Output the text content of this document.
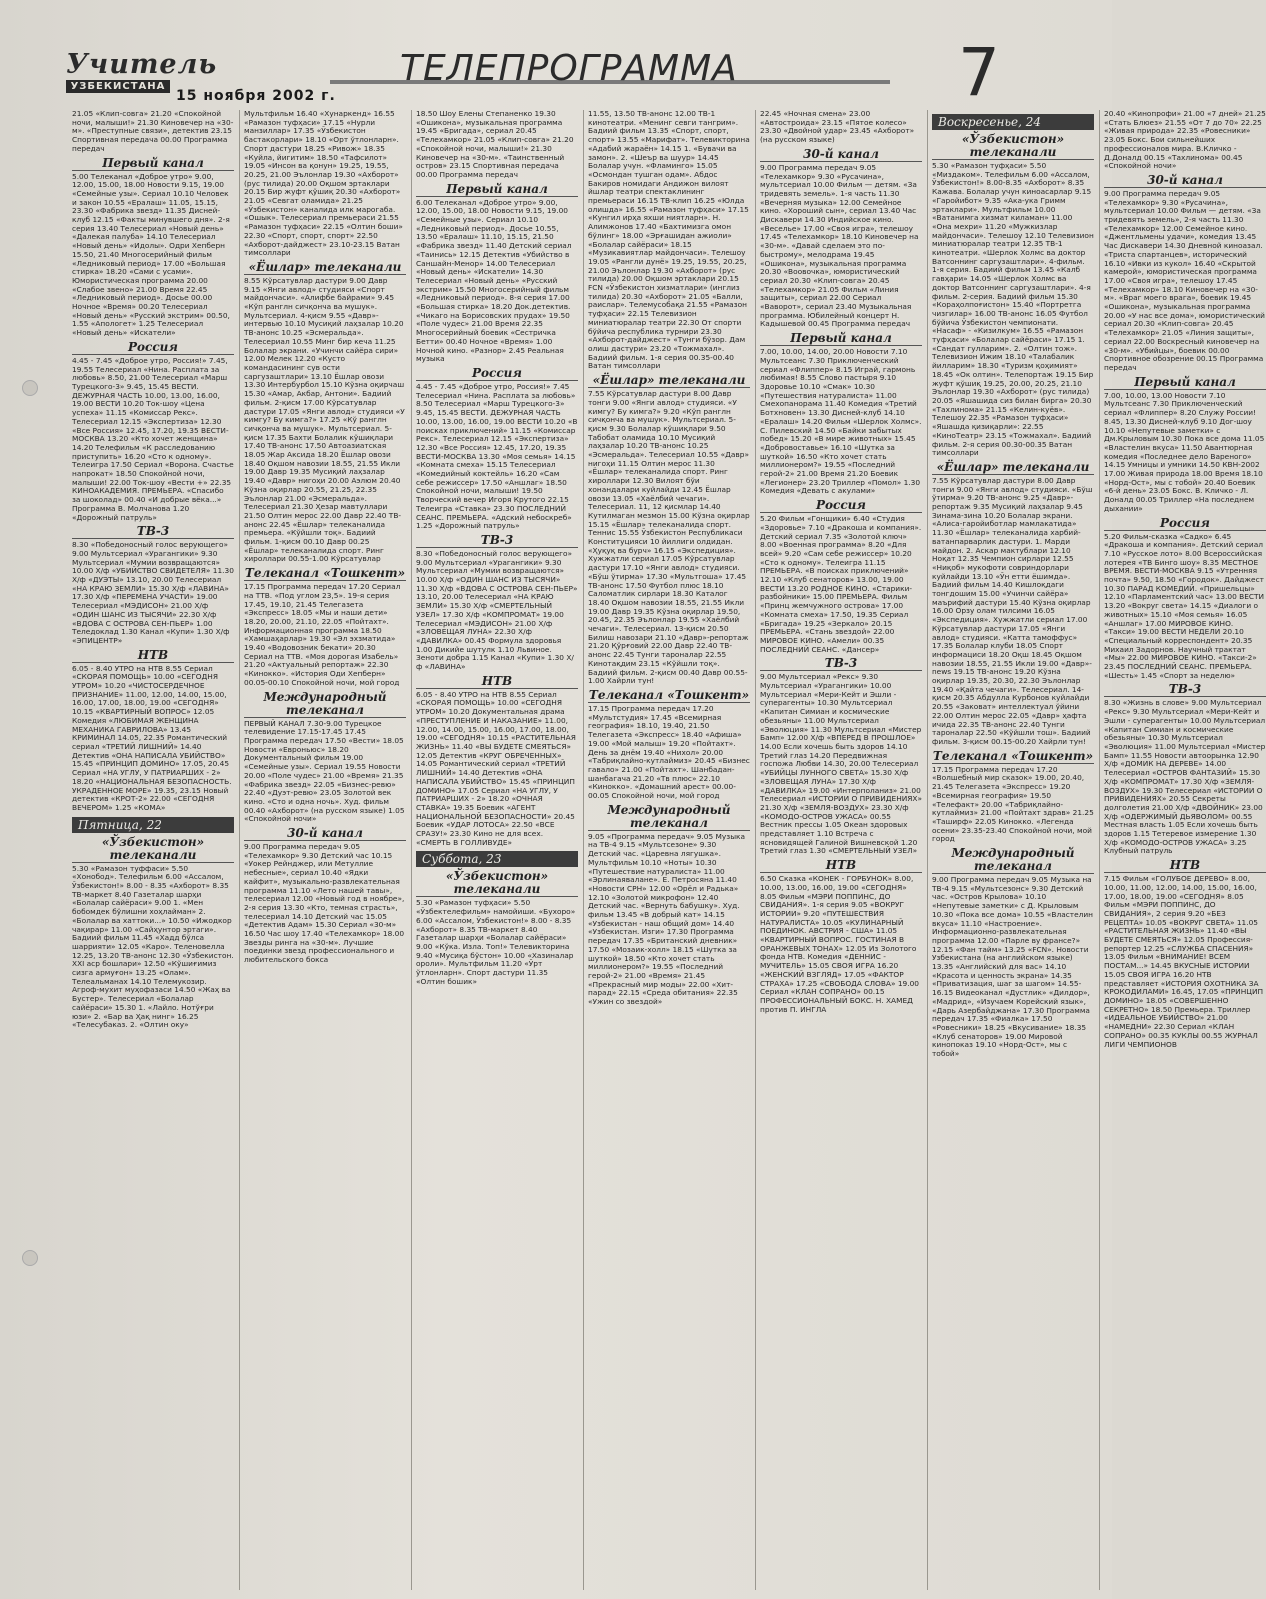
Учитель
УЗБЕКИСТАНА
15 ноября 2002 г.
ТЕЛЕПРОГРАММА	7

21.05 «Клип-совга» 21.20 «Спокойной ночи, малыши!» 21.30 Киновечер на «30-м». «Преступные связи», детектив 23.15 Спортивная передача 00.00 Программа передач

Первый канал

5.00 Телеканал «Доброе утро» 9.00, 12.00, 15.00, 18.00 Новости 9.15, 19.00 «Семейные узы». Сериал 10.10 Человек и закон 10.55 «Ералаш» 11.05, 15.15, 23.30 «Фабрика звезд» 11.35 Дисней-клуб 12.15 «Факты минувшего дня». 2-я серия 13.40 Телесериал «Новый день» «Далекая палуба» 14.10 Телесериал «Новый день» «Идолы». Одри Хепберн 15.50, 21.40 Многосерийный фильм «Ледниковый период» 17.00 «Большая стирка» 18.20 «Сами с усами». Юмористическая программа 20.00 «Слабое звено» 21.00 Время 22.45 «Ледниковый период». Досье 00.00 Ночное «Время» 00.20 Телесериал «Новый день» «Русский экстрим» 00.50, 1.55 «Апологет» 1.25 Телесериал «Новый день» «Искатели»

Россия

4.45 - 7.45 «Доброе утро, Россия!» 7.45, 19.55 Телесериал «Нина. Расплата за любовь» 8.50, 21.00 Телесериал «Марш Турецкого-3» 9.45, 15.45 ВЕСТИ. ДЕЖУРНАЯ ЧАСТЬ 10.00, 13.00, 16.00, 19.00 ВЕСТИ 10.20 Ток-шоу «Цена успеха» 11.15 «Комиссар Рекс». Телесериал 12.15 «Экспертиза» 12.30 «Все Россия» 12.45, 17.20, 19.35 ВЕСТИ-МОСКВА 13.20 «Кто хочет женщина» 14.20 Телефильм «К расследованию приступить» 16.20 «Сто к одному». Телеигра 17.50 Сериал «Ворона. Счастье напрокат» 18.50 Спокойной ночи, малыши! 22.00 Ток-шоу «Вести +» 22.35 КИНОАКАДЕМИЯ. ПРЕМЬЕРА. «Спасибо за шоколад» 00.40 «И добрые вёка...» Программа В. Молчанова 1.20 «Дорожный патруль»

ТВ-3

8.30 «Победоносный голос верующего» 9.00 Мультсериал «Урагангики» 9.30 Мультсериал «Мумии возвращаются» 10.00 Х/ф «УБИЙСТВО СВИДЕТЕЛЯ» 11.30 Х/ф «ДУЭТЫ» 13.10, 20.00 Телесериал «НА КРАЮ ЗЕМЛИ» 15.30 Х/ф «ЛАВИНА» 17.30 Х/ф «ПЕРЕМЕНА УЧАСТИ» 19.00 Телесериал «МЭДИСОН» 21.00 Х/ф «ОДИН ШАНС ИЗ ТЫСЯЧИ» 22.30 Х/ф «ВДОВА С ОСТРОВА СЕН-ПЬЕР» 1.00 Теледоклад 1.30 Канал «Купи» 1.30 Х/ф «ЭПИЦЕНТР»

НТВ

6.05 - 8.40 УТРО на НТВ 8.55 Сериал «СКОРАЯ ПОМОЩЬ» 10.00 «СЕГОДНЯ УТРОМ» 10.20 «ЧИСТОСЕРДЕЧНОЕ ПРИЗНАНИЕ» 11.00, 12.00, 14.00, 15.00, 16.00, 17.00, 18.00, 19.00 «СЕГОДНЯ» 10.15 «КВАРТИРНЫЙ ВОПРОС» 12.05 Комедия «ЛЮБИМАЯ ЖЕНЩИНА МЕХАНИКА ГАВРИЛОВА» 13.45 КРИМИНАЛ 14.05, 22.35 Романтический сериал «ТРЕТИЙ ЛИШНИЙ» 14.40 Детектив «ОНА НАПИСАЛА УБИЙСТВО» 15.45 «ПРИНЦИП ДОМИНО» 17.05, 20.45 Сериал «НА УГЛУ, У ПАТРИАРШИХ - 2» 18.20 «НАЦИОНАЛЬНАЯ БЕЗОПАСНОСТЬ. УКРАДЕННОЕ МОРЕ» 19.35, 23.15 Новый детектив «КРОТ-2» 22.00 «СЕГОДНЯ ВЕЧЕРОМ» 1.25 «КОМА»

Пятница, 22
«Ўзбекистон» телеканали

5.30 «Рамазон туффаси» 5.50 «Хонобод». Телефильм 6.00 «Ассалом, Ўзбекистон!» 8.00 - 8.35 «Ахборот» 8.35 ТВ-маркет 8.40 Газеталар шарҳи «Болалар сайёраси» 9.00 1. «Мен бобомдек бўлишни хоҳлайман» 2. «Болалар ва хаттоки...» 10.50 «Ижодкор чақирар» 11.00 «Сайҳунтор эртаги». Бадиий фильм 11.45 «Хадд бўлса шаррияти» 12.05 «Каро». Теленовелла 12.25, 13.20 ТВ-анонс 12.30 «Ўзбекистон. XXI аср бошлари» 12.50 «Кўшиғимиз сизга армуғон» 13.25 «Олам». Телеальманах 14.10 Телемукозир. Агроф-мухит муҳофазаси 14.50 «Жаҳ ва Бустер». Телесериал «Болалар сайёраси» 15.30 1. «Лайло. Нотўғри юзи» 2. «Бар ва Ҳақ нинг» 16.25 «Телесубаказ. 2. «Олтин оку»

Мультфильм 16.40 «Хунаркенд» 16.55 «Рамазон туфҳаси» 17.15 «Нурли манзиллар» 17.35 «Ўзбекистон бастакорлари» 18.10 «Орт ўтлонларн». Спорт дастури 18.25 «Ривож» 18.35 «Куйла, йигитим» 18.50 «Тафсилот» 19.05 «Инсон ва қонун» 19.25, 19.55, 20.25, 21.00 Эълонлар 19.30 «Ахборот» (рус тилида) 20.00 Оқшом эртаклари 20.15 Бир жуфт қўшиқ 20.30 «Ахборот» 21.05 «Севгат оламида» 21.25 «Ўзбекистон» каналида илк марогаба. «Ошык». Телесериал премьераси 21.55 «Рамазон туфҳаси» 22.15 «Олтин боши» 22.30 «Спорт, спорт, спорт» 22.50 «Ахборот-дайджест» 23.10-23.15 Ватан тимсоллари

«Ёшлар» телеканали

8.55 Кўрсатувлар дастури 9.00 Давр 9.15 «Янги авлод» студияси «Спорт майдончаси». «Алифбе байрами» 9.45 «Кўп ранглн сичқонча ва мушук». Мультсериал. 4-қисм 9.55 «Давр»-интервью 10.10 Мусиқий лаҳзалар 10.20 ТВ-анонс 10.25 «Эсмеральда». Телесериал 10.55 Минг бир кеча 11.25 Болалар экрани. «Учинчи сайёра сири» 12.00 Мелек 12.20 «Кусто командасининг сув ости саргузаштлари» 13.10 Ёшлар овози 13.30 Интербурбол 15.10 Кўзна оқирчаш 15.30 «Амар, Акбар, Антони». Бадиий фильм. 2-қисм 17.00 Кўрсатувлар дастури 17.05 «Янги авлод» студияси «У кимгу? Бу кимга?» 17.25 «Кў ранглн сичқонча ва мушук». Мультсериал. 5-қисм 17.35 Бахти Болалик кўшиқлари 17.40 ТВ-анонс 17.50 Автоазиатская 18.05 Жар Аксида 18.20 Ёшлар овози 18.40 Оқшом навозии 18.55, 21.55 Икли 19.00 Давр 19.35 Мусиқий лаҳзалар 19.40 «Давр» нигоҳи 20.00 Аэлюм 20.40 Кўзна оқирлар 20.55, 21.25, 22.35 Эълонлар 21.00 «Эсмеральда». Телесериал 21.30 Ҳезар мавтуллари 21.50 Олтин мерос 22.00 Давр 22.40 ТВ-анонс 22.45 «Ёшлар» телеканалида премьера. «Кўйшли тоқ». Бадиий фильм. 1-қисм 00.10 Давр 00.25 «Ёшлар» телеканалида спорт. Ринг хироллари 00.55-1.00 Кўрсатувлар

Телеканал «Тошкент»

17.15 Программа передач 17.20 Сериал на ТТВ. «Под углом 23,5». 19-я серия 17.45, 19.10, 21.45 Телегазета «Экспресс» 18.05 «Мы и наши дети» 18.20, 20.00, 21.10, 22.05 «Пойтахт». Информационная программа 18.50 «Хамшаҳарлар» 19.30 «Эл эхзматида» 19.40 «Водовозник бекати» 20.30 Сериал на ТТВ. «Моя дорогая Изабель» 21.20 «Актуальный репортаж» 22.30 «Кинокко». «История Оди Хепберн» 00.05-00.10 Спокойной ночи, мой город

Международный телеканал

ПЕРВЫЙ КАНАЛ 7.30-9.00 Турецкое телевидение 17.15-17.45 17.45 Программа передач 17.50 «Вести» 18.05 Новости «Евроньюс» 18.20 Документальный фильм 19.00 «Семейные узы». Сериал 19.55 Новости 20.00 «Поле чудес» 21.00 «Время» 21.35 «Фабрика звезд» 22.05 «Бизнес-ревю» 22.40 «Дуэт-ревю» 23.05 Золотой век кино. «Сто и одна ночь». Худ. фильм 00.40 «Ахборот» (на русском языке) 1.05 «Спокойной ночи»

30-й канал

9.00 Программа передач 9.05 «Телехамкор» 9.30 Детский час 10.15 «Уокер Рейнджер, или Метуллие небесные», сериал 10.40 «Ядки кайфит», музыкально-развлекательная программа 11.10 «Лето нашей тавы», телесериал 12.00 «Новый год в ноябре», 2-я серия 13.30 «Кто, темная страсть», телесериал 14.10 Детский час 15.05 «Детектив Адам» 15.30 Сериал «30-м» 16.50 Час шоу 17.40 «Телехамкор» 18.00 Звезды ринга на «30-м». Лучшие поединки звезд профессионального и любительского бокса

18.50 Шоу Елены Степаненко 19.30 «Ошикона», музыкальная программа 19.45 «Бригада», сериал 20.45 «Телехамкор» 21.05 «Клип-совга» 21.20 «Спокойной ночи, малыши!» 21.30 Киновечер на «30-м». «Таинственный остров» 23.15 Спортивная передача 00.00 Программа передач

Первый канал

6.00 Телеканал «Доброе утро» 9.00, 12.00, 15.00, 18.00 Новости 9.15, 19.00 «Семейные узы». Сериал 10.10 «Ледниковый период». Досье 10.55, 13.50 «Ералаш» 11.10, 15.15, 21.50 «Фабрика звезд» 11.40 Детский сериал «Таинись» 12.15 Детектив «Убийство в Саншайн-Менор» 14.00 Телесериал «Новый день» «Искатели» 14.30 Телесериал «Новый день» «Русский экстрим» 15.50 Многосерийный фильм «Ледниковый период». 8-я серия 17.00 «Большая стирка» 18.20 Док.детектив. «Чикаго на Борисовских прудах» 19.50 «Поле чудес» 21.00 Время 22.35 Многосерийный боевик «Сестричка Бетти» 00.40 Ночное «Время» 1.00 Ночной кино. «Разнор» 2.45 Реальная музыка

Россия

4.45 - 7.45 «Доброе утро, Россия!» 7.45 Телесериал «Нина. Расплата за любовь» 8.50 Телесериал «Марш Турецкого-3» 9.45, 15.45 ВЕСТИ. ДЕЖУРНАЯ ЧАСТЬ 10.00, 13.00, 16.00, 19.00 ВЕСТИ 10.20 «В поисках приключений» 11.15 «Комиссар Рекс». Телесериал 12.15 «Экспертиза» 12.30 «Все Россия» 12.45, 17.20, 19.35 ВЕСТИ-МОСКВА 13.30 «Моя семья» 14.15 «Комната смеха» 15.15 Телесериал «Комедийный коктейль» 16.20 «Сам себе режиссер» 17.50 «Аншлаг» 18.50 Спокойной ночи, малыши! 19.50 Творческий вечер Игоря Крутого 22.15 Телеигра «Ставка» 23.30 ПОСЛЕДНИЙ СЕАНС. ПРЕМЬЕРА. «Адский небоскреб» 1.25 «Дорожный патруль»

ТВ-3

8.30 «Победоносный голос верующего» 9.00 Мультсериал «Урагангики» 9.30 Мультсериал «Мумии возвращаются» 10.00 Х/ф «ОДИН ШАНС ИЗ ТЫСЯЧИ» 11.30 Х/ф «ВДОВА С ОСТРОВА СЕН-ПЬЕР» 13.10, 20.00 Телесериал «НА КРАЮ ЗЕМЛИ» 15.30 Х/ф «СМЕРТЕЛЬНЫЙ УЗЕЛ» 17.30 Х/ф «КОМПРОМАТ» 19.00 Телесериал «МЭДИСОН» 21.00 Х/ф «ЗЛОВЕЩАЯ ЛУНА» 22.30 Х/ф «ДАВИЛКА» 00.45 Формула здоровья 1.00 Дикийе шутулк 1.10 Львиное. Зеноти добра 1.15 Канал «Купи» 1.30 Х/ф «ЛАВИНА»

НТВ

6.05 - 8.40 УТРО на НТВ 8.55 Сериал «СКОРАЯ ПОМОЩЬ» 10.00 «СЕГОДНЯ УТРОМ» 10.20 Документальная драма «ПРЕСТУПЛЕНИЕ И НАКАЗАНИЕ» 11.00, 12.00, 14.00, 15.00, 16.00, 17.00, 18.00, 19.00 «СЕГОДНЯ» 10.15 «РАСТИТЕЛЬНАЯ ЖИЗНЬ» 11.40 «ВЫ БУДЕТЕ СМЕЯТЬСЯ» 12.05 Детектив «КРУГ ОБРЕЧЕННЫХ» 14.05 Романтический сериал «ТРЕТИЙ ЛИШНИЙ» 14.40 Детектив «ОНА НАПИСАЛА УБИЙСТВО» 15.45 «ПРИНЦИП ДОМИНО» 17.05 Сериал «НА УГЛУ, У ПАТРИАРШИХ - 2» 18.20 «ОЧНАЯ СТАВКА» 19.35 Боевик «АГЕНТ НАЦИОНАЛЬНОЙ БЕЗОПАСНОСТИ» 20.45 Боевик «УДАР ЛОТОСА» 22.50 «ВСЕ СРАЗУ!» 23.30 Кино не для всех. «СМЕРТЬ В ГОЛЛИВУДЕ»

Суббота, 23
«Ўзбекистон» телеканали

5.30 «Рамазон туфҳаси» 5.50 «Ўзбектелефильм» намойиши. «Бухоро» 6.00 «Ассалом, Ўзбекистон!» 8.00 - 8.35 «Ахборот» 8.35 ТВ-маркет 8.40 Газеталар шарҳи «Болалар сайёраси» 9.00 «Кўка. Изла. Топ!» Телевикторина 9.40 «Мусиқа бўстон» 10.00 «Хазиналар ороли». Мультфильм 11.20 «Ўрт ўтлонларн». Спорт дастури 11.35 «Олтин бошик»

11.55, 13.50 ТВ-анонс 12.00 ТВ-1 кинотеатри. «Менинг севги тангрим». Бадиий фильм 13.35 «Спорт, спорт, спорт» 13.55 «Марифат». Телевикторина «Адабий жараён» 14.15 1. «Бувачи ва замон». 2. «Шеър ва шуур» 14.45 Болалар учун. «Фламинго» 15.05 «Осмондан тушган одам». Абдос Бакиров номидаги Андижон вилоят йшлар театри спектаклининг премьераси 16.15 ТВ-клип 16.25 «Юлда олишда» 16.55 «Рамазон туфҳаси» 17.15 «Кунгил ирҳа яхши ниятларн». Н. Алимжонов 17.40 «Бахтимизга омон бўлинг» 18.00 «Эрғашидан ажиоли» «Болалар сайёраси» 18.15 «Музикавиятлар майдончаси». Телешоу 19.05 «Рангли дунё» 19.25, 19.55, 20.25, 21.00 Эълонлар 19.30 «Ахборот» (рус тилида) 20.00 Оқшом эртаклари 20.15 FCN «Ўзбекистон хизматлари» (инглиз тилида) 20.30 «Ахборот» 21.05 «Балли, раислар». Телемусобақа 21.55 «Рамазон туфҳаси» 22.15 Телевизион миниатюралар театри 22.30 От спорти бўйича республика турнири 23.30 «Ахборот-дайджест» «Тунги бўзор. Дам олиш дастури» 23.20 «Тожмахал». Бадиий фильм. 1-я серия 00.35-00.40 Ватан тимсоллари

«Ёшлар» телеканали

7.55 Кўрсатувлар дастури 8.00 Давр тонги 9.00 «Янги авлод» студияси. «У кимгу? Бу кимга?» 9.20 «Кўп ранглн сичқонча ва мушук». Мультсериал. 5-қисм 9.30 Болалар кўшиқлари 9.50 Табобат оламида 10.10 Мусиқий лаҳзалар 10.20 ТВ-анонс 10.25 «Эсмеральда». Телесериал 10.55 «Давр» нигоҳи 11.15 Олтин мерос 11.30 «Ёшлар» телеканалида спорт. Ринг хироллари 12.30 Вилоят бўи хонандалари куйлайди 12.45 Ёшлар овози 13.05 «Хаёлбий чечаги». Телесериал. 11, 12 қисмлар 14.40 Кутилмаган мезмон 15.00 Кўзна оқирлар 15.15 «Ёшлар» телеканалида спорт. Теннис 15.55 Ўзбекистон Республикаси Конституцияси 10 йиллиги олдидан. «Ҳуқуқ ва бурч» 16.15 «Экспедиция». Хужжатли сериал 17.05 Кўрсатувлар дастури 17.10 «Янги авлод» студияси. «Бўш ўтирма» 17.30 «Мультгоша» 17.45 ТВ-анонс 17.50 Футбол плюс 18.10 Саломатлик сирлари 18.30 Каталог 18.40 Оқшом навозии 18.55, 21.55 Икли 19.00 Давр 19.35 Кўзна оқирлар 19.50, 20.45, 22.35 Эълонлар 19.55 «Хаёлбий чечаги». Телесериал. 13-қисм 20.50 Билиш навозари 21.10 «Давр»-репортаж 21.20 Қўрғовий 22.00 Давр 22.40 ТВ-анонс 22.45 Тунги тароналар 22.55 Кинотақдим 23.15 «Кўйшли тоқ». Бадиий фильм. 2-қисм 00.40 Давр 00.55-1.00 Хайрли тун!

Телеканал «Тошкент»

17.15 Программа передач 17.20 «Мультстудия» 17.45 «Всемирная география» 18.10, 19.40, 21.50 Телегазета «Экспресс» 18.40 «Афиша» 19.00 «Мой малыш» 19.20 «Пойтахт». День за днём 19.40 «Нихол» 20.00 «Табриқлайно-кутлаймиз» 20.45 «Бизнес гавало» 21.00 «Пойтахт». Шанбадан-шанбагача 21.20 «Тв плюс» 22.10 «Кинокко». «Домашний арест» 00.00-00.05 Спокойной ночи, мой город

Международный телеканал

9.05 «Программа передач» 9.05 Музыка на ТВ-4 9.15 «Мультсезоне» 9.30 Детский час. «Царевна лягушка». Мультфильм 10.10 «Ноты» 10.30 «Путешествие натуралиста» 11.00 «Эрлинаявалане». Е. Петросянa 11.40 «Новости СРН» 12.00 «Орёл и Радька» 12.10 «Золотой микрофон» 12.40 Детский час. «Вернуть бабушку». Худ. фильм 13.45 «В добрый кат» 14.15 «Узбекистан - наш общий дом» 14.40 «Узбекистан. Изги» 17.30 Программа передач 17.35 «Британский дневник» 17.50 «Мозаик-холл» 18.15 «Шутка за шуткой» 18.50 «Кто хочет стать миллионером?» 19.55 «Последний герой-2» 21.00 «Время» 21.45 «Прекрасный мир моды» 22.00 «Хит-парад» 22.15 «Среда обитания» 22.35 «Ужин со звездой»

22.45 «Ночная смена» 23.00 «Автостроида» 23.15 «Пятое колесо» 23.30 «Двойной удар» 23.45 «Ахборот» (на русском языке)

30-й канал

9.00 Программа передач 9.05 «Телехамкор» 9.30 «Русачина», мультсериал 10.00 Фильм — детям. «За тридевять земель». 1-я часть 11.30 «Вечерняя музыка» 12.00 Семейное кино. «Хороший сын», сериал 13.40 Час Дискавери 14.30 Индийское кино. «Веселье» 17.00 «Своя игра», телешоу 17.45 «Телехамкор» 18.10 Киновечер на «30-м». «Давай сделаем это по-быстрому», мелодрама 19.45 «Ошикона», музыкальная программа 20.30 «Воовочка», юмористический сериал 20.30 «Клип-совга» 20.45 «Телехамкор» 21.05 Фильм «Линия защиты», сериал 22.00 Сериал «Ваворот», сериал 23.40 Музыкальная программа. Юбилейный концерт Н. Кадышевой 00.45 Программа передач

Первый канал

7.00, 10.00, 14.00, 20.00 Новости 7.10 Мультсеанс 7.30 Приключенческий сериал «Флиппер» 8.15 Играй, гармонь любимая! 8.55 Слово пастыря 9.10 Здоровье 10.10 «Смак» 10.30 «Путешествия натуралиста» 11.00 Смехопанорама 11.40 Комедия «Третий Ботхновен» 13.30 Дисней-клуб 14.10 «Ералаш» 14.20 Фильм «Шерлок Холмс». С. Пилевский 14.50 «Байки забытых побед» 15.20 «В мире животных» 15.45 «Добровоставье» 16.10 «Шутка за шуткой» 16.50 «Кто хочет стать миллионером?» 19.55 «Последний герой-2» 21.00 Время 21.20 Боевик «Легионер» 23.20 Триллер «Помол» 1.30 Комедия «Девать с акулами»

Россия

5.20 Фильм «Гонщики» 6.40 «Студия «Здоровье» 7.10 «Дракоша и компания». Детский сериал 7.35 «Золотой ключ» 8.00 «Военная программа» 8.20 «Для всей» 9.20 «Сам себе режиссер» 10.20 «Сто к одному». Телеигра 11.15 ПРЕМЬЕРА. «В поисках приключений» 12.10 «Клуб сенаторов» 13.00, 19.00 ВЕСТИ 13.20 РОДНОЕ КИНО. «Старики-разбойники» 15.00 ПРЕМЬЕРА. Фильм «Принц жемчужного острова» 17.00 «Комната смеха» 17.50, 19.35 Сериал «Бригада» 19.25 «Зеркало» 20.15 ПРЕМЬЕРА. «Стань звездой» 22.00 МИРОВОЕ КИНО. «Амели» 00.35 ПОСЛЕДНИЙ СЕАНС. «Дансер»

ТВ-3

9.00 Мультсериал «Рекс» 9.30 Мультсериал «Урагангики» 10.00 Мультсериал «Мери-Кейт и Эшли - суперагенты» 10.30 Мультсериал «Капитан Симиан и космические обезьяны» 11.00 Мультсериал «Эволюция» 11.30 Мультсериал «Мистер Бамп» 12.00 Х/ф «ВПЕРЕД В ПРОШЛОЕ» 14.00 Если хочешь быть здоров 14.10 Третий глаз 14.20 Передвижная госпожа Любви 14.30, 20.00 Телесериал «УБИЙЦЫ ЛУННОГО СВЕТА» 15.30 Х/ф «ЗЛОВЕЩАЯ ЛУНА» 17.30 Х/ф «ДАВИЛКА» 19.00 «Интерполаниз» 21.00 Телесериал «ИСТОРИИ О ПРИВИДЕНИЯХ» 21.30 Х/ф «ЗЕМЛЯ-ВОЗДУХ» 23.30 Х/ф «КОМОДО-ОСТРОВ УЖАСА» 00.55 Вестник прессы 1.05 Океан здоровых представляет 1.10 Встреча с ясновидящей Галиной Вишневской 1.20 Третий глаз 1.30 «СМЕРТЕЛЬНЫЙ УЗЕЛ»

НТВ

6.50 Сказка «КОНЕК - ГОРБУНОК» 8.00, 10.00, 13.00, 16.00, 19.00 «СЕГОДНЯ» 8.05 Фильм «МЭРИ ПОППИНС, ДО СВИДАНИЯ». 1-я серия 9.05 «ВОКРУГ ИСТОРИИ» 9.20 «ПУТЕШЕСТВИЯ НАТУРАЛИСТА» 10.05 «КУЛИНАРНЫЙ ПОЕДИНОК. АВСТРИЯ - США» 11.05 «КВАРТИРНЫЙ ВОПРОС. ГОСТИНАЯ В ОРАНЖЕВЫХ ТОНАХ» 12.05 Из Золотого фонда НТВ. Комедия «ДЕННИС - МУЧИТЕЛЬ» 15.05 СВОЯ ИГРА 16.20 «ЖЕНСКИЙ ВЗГЛЯД» 17.05 «ФАКТОР СТРАХА» 17.25 «СВОБОДА СЛОВА» 19.00 Сериал «КЛАН СОПРАНО» 00.15 ПРОФЕССИОНАЛЬНЫЙ БОКС. Н. ХАМЕД против П. ИНГЛА

Воскресенье, 24
«Ўзбекистон» телеканали

5.30 «Рамазон туфҳаси» 5.50 «Миздаком». Телефильм 6.00 «Ассалом, Ўзбекистон!» 8.00-8.35 «Ахборот» 8.35 Кажава. Болалар учун киноасарлар 9.15 «Гаройибот» 9.35 «Ака-ука Гримм эртаклари». Мультфильм 10.00 «Ватанимга хизмат киламан» 11.00 «Она мехри» 11.20 «Мужкизлар майдончаси». Телешоу 12.10 Телевизион миниатюралар театри 12.35 ТВ-1 кинотеатри. «Шерлок Холмс ва доктор Ватсоннинг саргузаштлари». 4-фильм. 1-я серия. Бадиий фильм 13.45 «Калб гавҳари» 14.05 «Шерлок Холмс ва доктор Ватсоннинг саргузаштлари». 4-я фильм. 2-серия. Бадиий фильм 15.30 «Кораҳолпоғистон» 15.40 «Портретга чизгилар» 16.00 ТВ-анонс 16.05 Футбол бўйича Ўзбекистон чемпионати. «Насаф» - «Кизилкум» 16.55 «Рамазон туфҳаси» «Болалар сайёраси» 17.15 1. «Сандат гулларим». 2. «Олтин тож». Телевизион Ижим 18.10 «Талабалик йилларим» 18.30 «Туризм қоҳимият» 18.45 «Ок олтин». Телепортаж 19.15 Бир жуфт қўшиқ 19.25, 20.00, 20.25, 21.10 Эълонлар 19.30 «Ахборот» (рус тилида) 20.05 «Яшашида сиз билан бирга» 20.30 «Тахлинома» 21.15 «Келин-куёв». Телешоу 22.35 «Рамазон туфҳаси» «Яшашда қизиқарли»: 22.55 «КиноТеатр» 23.15 «Тожмахал». Бадиий фильм. 2-я серия 00.30-00.35 Ватан тимсоллари

«Ёшлар» телеканали

7.55 Кўрсатувлар дастури 8.00 Давр тонги 9.00 «Янги авлод» студияси. «Бўш ўтирма» 9.20 ТВ-анонс 9.25 «Давр»-репортаж 9.35 Мусиқий лаҳзалар 9.45 Зинама-зина 10.20 Болалар экрани. «Алиса-гаройиботлар мамлакатида» 11.30 «Ёшлар» телеканалида харбий-ватанпарварлик дастури. 1. Марди майдон. 2. Аскар мактублари 12.10 Ноқат 12.35 Чемпион сирлари 12.55 «Ниқоб» мукофоти совриндорлари куйлайди 13.10 «Ўн етти ёшимда». Бадиий фильм 14.40 Кишлоқдаги тонгдошим 15.00 «Учинчи сайёра» маърифий дастури 15.40 Кўзна оқирлар 16.00 Орзу олам тилсими 16.05 «Экспедиция». Хужжатли сериал 17.00 Кўрсатувлар дастури 17.05 «Янги авлод» студияси. «Катта тамоффус» 17.35 Болалар клуби 18.05 Спорт информациси 18.20 Оқш 18.45 Оқшом навозии 18.55, 21.55 Икли 19.00 «Давр»-news 19.15 ТВ-анонс 19.20 Кўзна оқирлар 19.35, 20.30, 22.30 Эълонлар 19.40 «Қайта чечаги». Телесериал. 14-қисм 20.35 Абдулла Курбонов куйлайди 20.55 «Заковат» интеллектуал ўйини 22.00 Олтин мерос 22.05 «Давр» ҳафта ичида 22.35 ТВ-анонс 22.40 Тунги тароналар 22.50 «Кўйшли тош». Бадиий фильм. 3-қисм 00.15-00.20 Хайрли тун!

Телеканал «Тошкент»

17.15 Программа передач 17.20 «Волшебный мир сказок» 19.00, 20.40, 21.45 Телегазета «Экспресс» 19.20 «Всемирная география» 19.50 «Телефакт» 20.00 «Табриқлайно-кутлаймиз» 21.00 «Пойтахт здрав» 21.25 «Таширф» 22.05 Кинокко. «Легенда осени» 23.35-23.40 Спокойной ночи, мой город

Международный телеканал

9.00 Программа передач 9.05 Музыка на ТВ-4 9.15 «Мультсезонс» 9.30 Детский час. «Остров Крылова» 10.10 «Непутевые заметки» с Д. Крыловым 10.30 «Пока все дома» 10.55 «Властелин вкуса» 11.10 «Настроение». Информационно-развлекательная программа 12.00 «Парле ву франсе?» 12.15 «Фан тайм» 13.25 «FCN». Новости Узбекистана (на английском языке) 13.35 «Английский для вас» 14.10 «Красота и ценность экрана» 14.35 «Приватизация, шаг за шагом» 14.55-16.15 Видеоканал «Дустлик» «Дилдор», «Мадрид», «Изучаем Корейский язык», «Дарь Азербайджана» 17.30 Программа передач 17.35 «Фиалка» 17.50 «Ровесники» 18.25 «Вкусивание» 18.35 «Клуб сенаторов» 19.00 Мировой кинопоказ 19.10 «Норд-Ост», мы с тобой»

20.40 «Кинопрофи» 21.00 «7 дней» 21.25 «Стать Блюез» 21.55 «От 7 до 70» 22.25 «Живая природа» 22.35 «Ровесники» 23.05 Бокс. Бои сильнейших профессионалов мира. В.Кличко - Д.Доналд 00.15 «Тахлинома» 00.45 «Спокойной ночи»

30-й канал

9.00 Программа передач 9.05 «Телехамкор» 9.30 «Русачина», мультсериал 10.00 Фильм — детям. «За тридевять земель», 2-я часть 11.30 «Телехамкор» 12.00 Семейное кино. «Джентльмены удачи», комедия 13.45 Час Дискавери 14.30 Дневной киноазал. «Триста спартанцев», исторический 16.10 «Ивки из кукол» 16.40 «Скрытой камерой», юмористическая программа 17.00 «Своя игра», телешоу 17.45 «Телехамкор» 18.10 Киновечер на «30-м». «Враг моего врага», боевик 19.45 «Ошикона», музыкальная программа 20.00 «У нас все дома», юмористический сериал 20.30 «Клип-совга» 20.45 «Телехамкор» 21.05 «Линия защиты», сериал 22.00 Воскресный киновечер на «30-м». «Убийцы», боевик 00.00 Спортивное обозрение 00.15 Программа передач

Первый канал

7.00, 10.00, 13.00 Новости 7.10 Мультсеанс 7.30 Приключенческий сериал «Флиппер» 8.20 Служу России! 8.45, 13.30 Дисней-клуб 9.10 Дог-шоу 10.10 «Непутевые заметки» с Дм.Крыловым 10.30 Пока все дома 11.05 «Властелин вкуса» 11.50 Авантюрная комедия «Последнее дело Вареного» 14.15 Умницы и умники 14.50 КВН-2002 17.00 Живая природа 18.00 Время 18.10 «Норд-Ост», мы с тобой» 20.40 Боевик «6-й день» 23.05 Бокс. В. Кличко - Л. Доналд 00.05 Триллер «На последнем дыхании»

Россия

5.20 Фильм-сказка «Садко» 6.45 «Дракоша и компания». Детский сериал 7.10 «Русское лото» 8.00 Всероссийская лотерея «ТВ Бинго шоу» 8.35 МЕСТНОЕ ВРЕМЯ. ВЕСТИ-МОСКВА 9.15 «Утренняя почта» 9.50, 18.50 «Городок». Дайджест 10.30 ПАРАД КОМЕДИЙ. «Пришельцы» 12.10 «Парламентский час» 13.00 ВЕСТИ 13.20 «Вокруг света» 14.15 «Диалоги о животных» 15.10 «Моя семья» 16.05 «Аншлаг» 17.00 МИРОВОЕ КИНО. «Такси» 19.00 ВЕСТИ НЕДЕЛИ 20.10 «Специальный корреспондент» 20.35 Михаил Задорнов. Научный трактат «Мы» 22.00 МИРОВОЕ КИНО. «Такси-2» 23.45 ПОСЛЕДНИЙ СЕАНС. ПРЕМЬЕРА. «Шесть» 1.45 «Спорт за неделю»

ТВ-3

8.30 «Жизнь в слове» 9.00 Мультсериал «Рекс» 9.30 Мультсериал «Мери-Кейт и Эшли - суперагенты» 10.00 Мультсериал «Капитан Симиан и космические обезьяны» 10.30 Мультсериал «Эволюция» 11.00 Мультсериал «Мистер Бамп» 11.55 Новости автоорынка 12.90 Х/ф «ДОМИК НА ДЕРЕВЕ» 14.00 Телесериал «ОСТРОВ ФАНТАЗИЙ» 15.30 Х/ф «КОМПРОМАТ» 17.30 Х/ф «ЗЕМЛЯ-ВОЗДУХ» 19.30 Телесериал «ИСТОРИИ О ПРИВИДЕНИЯХ» 20.55 Секреты долголетия 21.00 Х/ф «ДВОЙНИК» 23.00 Х/ф «ОДЕРЖИМЫЙ ДЬЯВОЛОМ» 00.55 Местная власть 1.05 Если хочешь быть здоров 1.15 Тетеревое измерение 1.30 Х/ф «КОМОДО-ОСТРОВ УЖАСА» 3.25 Клубный патруль

НТВ

7.15 Фильм «ГОЛУБОЕ ДЕРЕВО» 8.00, 10.00, 11.00, 12.00, 14.00, 15.00, 16.00, 17.00, 18.00, 19.00 «СЕГОДНЯ» 8.05 Фильм «МЭРИ ПОППИНС, ДО СВИДАНИЯ», 2 серия 9.20 «БЕЗ РЕЦЕПТА» 10.05 «ВОКРУГ СВЕТА» 11.05 «РАСТИТЕЛЬНАЯ ЖИЗНЬ» 11.40 «ВЫ БУДЕТЕ СМЕЯТЬСЯ» 12.05 Профессия-репортер 12.25 «СЛУЖБА СПАСЕНИЯ» 13.05 Фильм «ВНИМАНИЕ! ВСЕМ ПОСТАМ...» 14.45 ВКУСНЫЕ ИСТОРИИ 15.05 СВОЯ ИГРА 16.20 НТВ представляет «ИСТОРИЯ ОХОТНИКА ЗА КРОКОДИЛАМИ» 16.45, 17.05 «ПРИНЦИП ДОМИНО» 18.05 «СОВЕРШЕННО СЕКРЕТНО» 18.50 Премьера. Триллер «ИДЕАЛЬНОЕ УБИЙСТВО» 21.00 «НАМЕДНИ» 22.30 Сериал «КЛАН СОПРАНО» 00.35 КУКЛЫ 00.55 ЖУРНАЛ ЛИГИ ЧЕМПИОНОВ
